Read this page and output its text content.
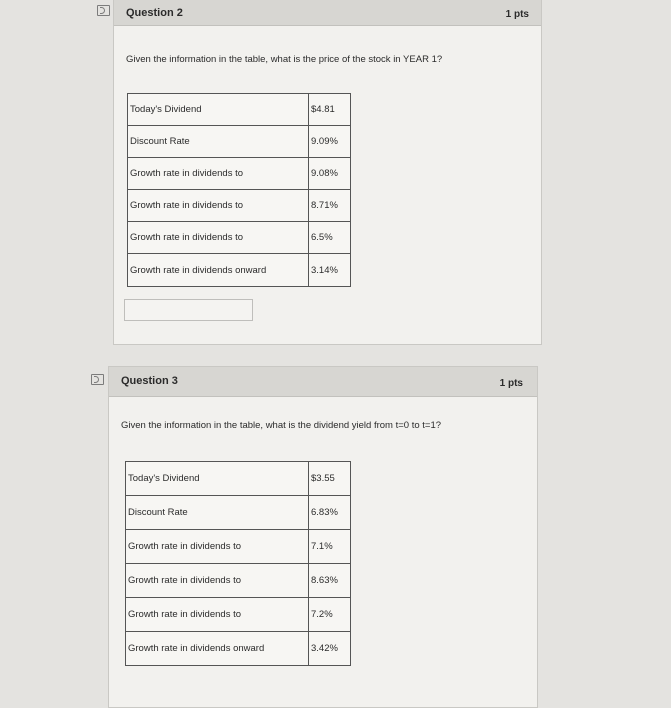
Question 2	1 pts
Given the information in the table, what is the price of the stock in YEAR 1?
Today's Dividend	$4.81
Discount Rate	9.09%
Growth rate in dividends to	9.08%
Growth rate in dividends to	8.71%
Growth rate in dividends to	6.5%
Growth rate in dividends onward	3.14%
Question 3	1 pts
Given the information in the table, what is the dividend yield from t=0 to t=1?
Today's Dividend	$3.55
Discount Rate	6.83%
Growth rate in dividends to	7.1%
Growth rate in dividends to	8.63%
Growth rate in dividends to	7.2%
Growth rate in dividends onward	3.42%
